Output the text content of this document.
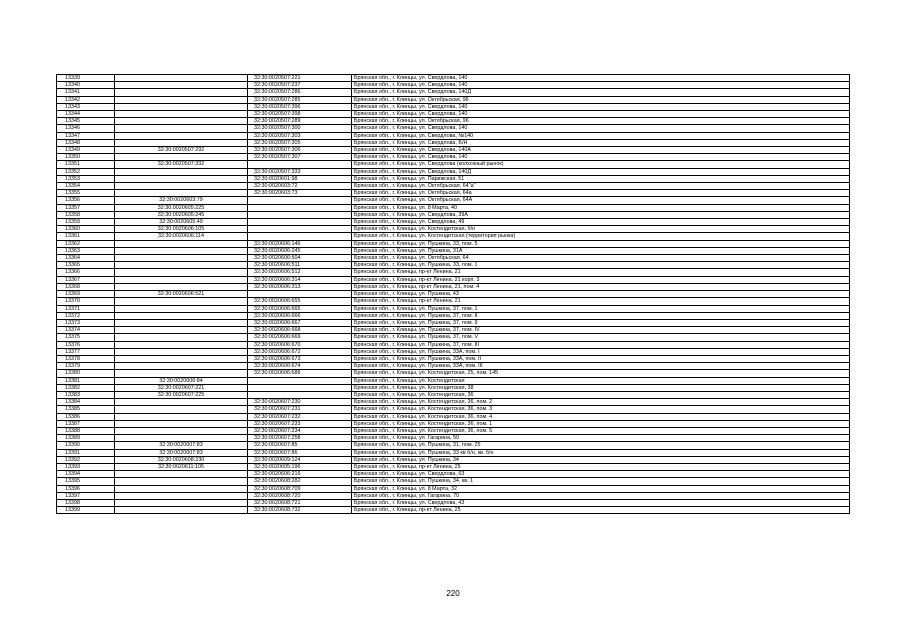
13339		32:30:0020507:221	Брянская обл., г. Клинцы, ул. Свердлова, 140
13340		32:30:0020507:237	Брянская обл., г. Клинцы, ул. Свердлова, 140
13341		32:30:0020507:286	Брянская обл., г. Клинцы, ул. Свердлова, 140Д
13342		32:30:0020507:285	Брянская обл., г. Клинцы, ул. Октябрьская, 96
13343		32:30:0020507:396	Брянская обл., г. Клинцы, ул. Свердлова, 140
13344		32:30:0020507:398	Брянская обл., г. Клинцы, ул. Свердлова, 140
13345		32:30:0020507:289	Брянская обл., г. Клинцы, ул. Октябрьская, 96
13346		32:30:0020507:300	Брянская обл., г. Клинцы, ул. Свердлова, 140
13347		32:30:0020507:303	Брянская обл., г. Клинцы, ул. Свердлова, №140
13348		32:30:0020507:305	Брянская обл., г. Клинцы, ул. Свердлова, Б/Н
13349	32:30:0020507:292	32:30:0020507:306	Брянская обл., г. Клинцы, ул. Свердлова, 140А
13350		32:30:0020507:307	Брянская обл., г. Клинцы, ул. Свердлова, 140
13351	32:30:0020507:332		Брянская обл., г. Клинцы, ул. Свердлова (колхозный рынок)
13352		32:30:0020507:333	Брянская обл., г. Клинцы, ул. Свердлова, 140Д
13353		32:30:0020601:98	Брянская обл., г. Клинцы, ул. Парижская, 51
13354		32:30:0020603:72	Брянская обл., г. Клинцы, ул. Октябрьская, 64"а"
13355		32:30:0020603:73	Брянская обл., г. Клинцы, ул. Октябрьская, 64а
13356	32:30:0020603:79		Брянская обл., г. Клинцы, ул. Октябрьская, 64А
13357	32:30:0020605:225		Брянская обл., г. Клинцы, ул. 8 Марта, 40
13358	32:30:0020605:245		Брянская обл., г. Клинцы, ул. Свердлова, 39А
13359	32:30:0020605:49		Брянская обл., г. Клинцы, ул. Свердлова, 49
13360	32:30:0020606:105		Брянская обл., г. Клинцы, ул. Костендитская, б/н
13361	32:30:0020606:114		Брянская обл., г. Клинцы, ул. Костендитская (территория рынка)
13362		32:30:0020606:146	Брянская обл., г. Клинцы, ул. Пушкина, 33, пом. 5
13363		32:30:0020606:245	Брянская обл., г. Клинцы, ул. Пушкина, 31А
13364		32:30:0020606:504	Брянская обл., г. Клинцы, ул. Октябрьская, 64
13365		32:30:0020606:511	Брянская обл., г. Клинцы, ул. Пушкина, 33, пом. 1
13366		32:30:0020606:512	Брянская обл., г. Клинцы, пр-кт Ленина, 21
13367		32:30:0020606:314	Брянская обл., г. Клинцы, пр-кт Ленина, 21 корп. 3
13368		32:30:0020606:313	Брянская обл., г. Клинцы, пр-кт Ленина, 21, пом. 4
13369	32:30:0020606:521		Брянская обл., г. Клинцы, ул. Пушкина, 43
13370		32:30:0020606:655	Брянская обл., г. Клинцы, пр-кт Ленина, 21
13371		32:30:0020606:665	Брянская обл., г. Клинцы, ул. Пушкина, 37, пом. 1
13372		32:30:0020606:666	Брянская обл., г. Клинцы, ул. Пушкина, 37, пом. II
13373		32:30:0020606:667	Брянская обл., г. Клинцы, ул. Пушкина, 37, пом. 9
13374		32:30:0020606:668	Брянская обл., г. Клинцы, ул. Пушкина, 37, пом. IV
13375		32:30:0020606:669	Брянская обл., г. Клинцы, ул. Пушкина, 37, пом. V
13376		32:30:0020606:670	Брянская обл., г. Клинцы, ул. Пушкина, 37, пом. III
13377		32:30:0020606:672	Брянская обл., г. Клинцы, ул. Пушкина, 33А, пом. I
13378		32:30:0020606:673	Брянская обл., г. Клинцы, ул. Пушкина, 33А, пом. II
13379		32:30:0020606:674	Брянская обл., г. Клинцы, ул. Пушкина, 33А, пом. III
13380		32:30:0020606:686	Брянская обл., г. Клинцы, ул. Костендитская, 25, пом. 145
13381	32:30:0020606:84		Брянская обл., г. Клинцы, ул. Костендитская
13382	32:30:0020607:221		Брянская обл., г. Клинцы, ул. Костендитская, 38
13383	32:30:0020607:225		Брянская обл., г. Клинцы, ул. Костендитская, 36
13384		32:30:0020607:230	Брянская обл., г. Клинцы, ул. Костендитская, 36, пом. 2
13385		32:30:0020607:231	Брянская обл., г. Клинцы, ул. Костендитская, 36, пом. 3
13386		32:30:0020607:232	Брянская обл., г. Клинцы, ул. Костендитская, 36, пом. 4
13387		32:30:0020607:233	Брянская обл., г. Клинцы, ул. Костендитская, 36, пом. 1
13388		32:30:0020607:234	Брянская обл., г. Клинцы, ул. Костендитская, 36, пом. 5
13389		32:30:0020607:258	Брянская обл., г. Клинцы, ул. Гагарина, 50
13390	32:30:0020607:83	32:30:0020607:85	Брянская обл., г. Клинцы, ул. Пушкина, 31, пом. 25
13391	32:30:0020607:83	32:30:0020607:86	Брянская обл., г. Клинцы, ул. Пушкина, 33 кв б/н, кв. б/н
13392	32:30:0020608:230	32:30:0020609:124	Брянская обл., г. Клинцы, ул. Пушкина, 34
13393	32:30:0020611:105	32:30:0020605:196	Брянская обл., г. Клинцы, пр-кт Ленина, 25
13394		32:30:0020606:216	Брянская обл., г. Клинцы, ул. Свердлова, 63
13395		32:30:0020608:282	Брянская обл., г. Клинцы, ул. Пушкина, 34, кв. 1
13396		32:30:0020608:709	Брянская обл., г. Клинцы, ул. 8 Марта, 32
13397		32:30:0020608:720	Брянская обл., г. Клинцы, ул. Гагарина, 70
13398		32:30:0020608:721	Брянская обл., г. Клинцы, ул. Свердлова, 43
13399		32:30:0020608:732	Брянская обл., г. Клинцы, пр-кт Ленина, 25
220
